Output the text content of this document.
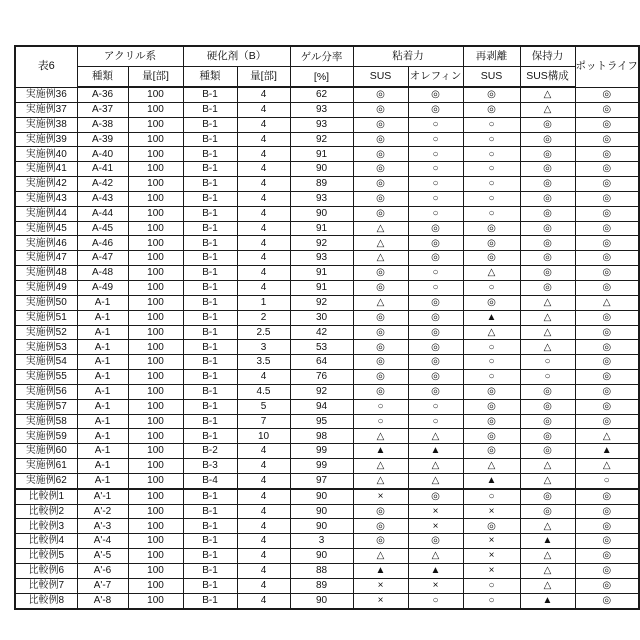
表6	アクリル系		硬化剤（B）		ゲル分率	粘着力		再剥離	保持力	ポットライフ
	種類	量[部]	種類	量[部]	[%]	SUS	オレフィン	SUS	SUS構成	
実施例36	A-36	100	B-1	4	62	◎	◎	◎	△	◎
実施例37	A-37	100	B-1	4	93	◎	◎	◎	△	◎
実施例38	A-38	100	B-1	4	93	◎	○	○	◎	◎
実施例39	A-39	100	B-1	4	92	◎	○	○	◎	◎
実施例40	A-40	100	B-1	4	91	◎	○	○	◎	◎
実施例41	A-41	100	B-1	4	90	◎	○	○	◎	◎
実施例42	A-42	100	B-1	4	89	◎	○	○	◎	◎
実施例43	A-43	100	B-1	4	93	◎	○	○	◎	◎
実施例44	A-44	100	B-1	4	90	◎	○	○	◎	◎
実施例45	A-45	100	B-1	4	91	△	◎	◎	◎	◎
実施例46	A-46	100	B-1	4	92	△	◎	◎	◎	◎
実施例47	A-47	100	B-1	4	93	△	◎	◎	◎	◎
実施例48	A-48	100	B-1	4	91	◎	○	△	◎	◎
実施例49	A-49	100	B-1	4	91	◎	○	○	◎	◎
実施例50	A-1	100	B-1	1	92	△	◎	◎	△	△
実施例51	A-1	100	B-1	2	30	◎	◎	▲	△	◎
実施例52	A-1	100	B-1	2.5	42	◎	◎	△	△	◎
実施例53	A-1	100	B-1	3	53	◎	◎	○	△	◎
実施例54	A-1	100	B-1	3.5	64	◎	◎	○	○	◎
実施例55	A-1	100	B-1	4	76	◎	◎	○	○	◎
実施例56	A-1	100	B-1	4.5	92	◎	◎	◎	◎	◎
実施例57	A-1	100	B-1	5	94	○	○	◎	◎	◎
実施例58	A-1	100	B-1	7	95	○	○	◎	◎	◎
実施例59	A-1	100	B-1	10	98	△	△	◎	◎	△
実施例60	A-1	100	B-2	4	99	▲	▲	◎	◎	▲
実施例61	A-1	100	B-3	4	99	△	△	△	△	△
実施例62	A-1	100	B-4	4	97	△	△	▲	△	○
比較例1	A'-1	100	B-1	4	90	×	◎	○	◎	◎
比較例2	A'-2	100	B-1	4	90	◎	×	×	◎	◎
比較例3	A'-3	100	B-1	4	90	◎	×	◎	△	◎
比較例4	A'-4	100	B-1	4	3	◎	◎	×	▲	◎
比較例5	A'-5	100	B-1	4	90	△	△	×	△	◎
比較例6	A'-6	100	B-1	4	88	▲	▲	×	△	◎
比較例7	A'-7	100	B-1	4	89	×	×	○	△	◎
比較例8	A'-8	100	B-1	4	90	×	○	○	▲	◎
